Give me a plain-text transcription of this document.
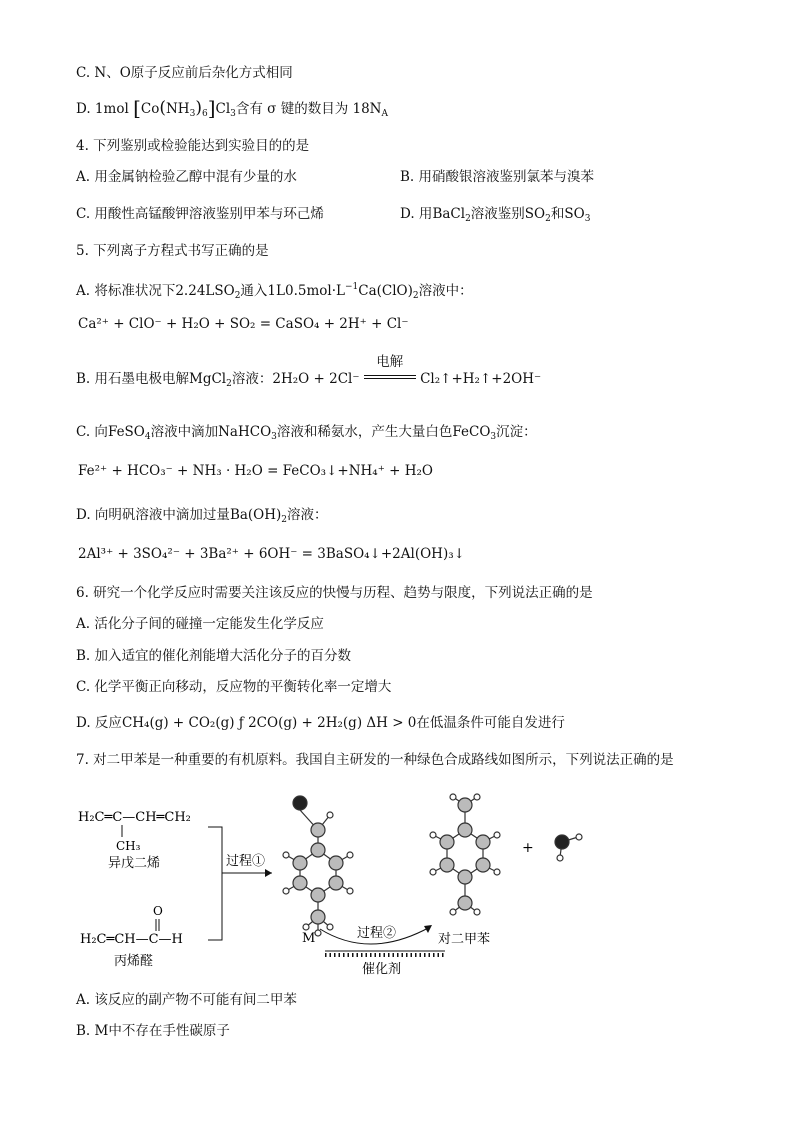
C. N、O原子反应前后杂化方式相同
D. 1mol $[Co(NH_3)_6]Cl_3$含有 σ 键的数目为 $18N_A$
4. 下列鉴别或检验能达到实验目的的是
A. 用金属钠检验乙醇中混有少量的水	B. 用硝酸银溶液鉴别氯苯与溴苯
C. 用酸性高锰酸钾溶液鉴别甲苯与环己烯	D. 用BaCl$_2$溶液鉴别$SO_2$和$SO_3$
5. 下列离子方程式书写正确的是
A. 将标准状况下$2.24LSO_2$通入$1L0.5mol\cdot L^{-1}Ca(ClO)_2$溶液中：
Ca²⁺ + ClO⁻ + H₂O + SO₂ = CaSO₄ + 2H⁺ + Cl⁻
B. 用石墨电极电解MgCl$_2$溶液：2H₂O + 2Cl⁻
电解
Cl₂↑+H₂↑+2OH⁻
C. 向FeSO$_4$溶液中滴加NaHCO$_3$溶液和稀氨水，产生大量白色FeCO$_3$沉淀：
Fe²⁺ + HCO₃⁻ + NH₃ · H₂O = FeCO₃↓+NH₄⁺ + H₂O
D. 向明矾溶液中滴加过量$Ba(OH)_2$溶液：
2Al³⁺ + 3SO₄²⁻ + 3Ba²⁺ + 6OH⁻ = 3BaSO₄↓+2Al(OH)₃↓
6. 研究一个化学反应时需要关注该反应的快慢与历程、趋势与限度，下列说法正确的是
A. 活化分子间的碰撞一定能发生化学反应
B. 加入适宜的催化剂能增大活化分子的百分数
C. 化学平衡正向移动，反应物的平衡转化率一定增大
D. 反应CH₄(g) + CO₂(g) ƒ 2CO(g) + 2H₂(g) ΔH > 0在低温条件可能自发进行
7. 对二甲苯是一种重要的有机原料。我国自主研发的一种绿色合成路线如图所示，下列说法正确的是
H₂C═C—CH═CH₂
CH₃
异戊二烯
O
H₂C═CH—C—H
丙烯醛
过程①
+
M	过程②	对二甲苯
催化剂
A. 该反应的副产物不可能有间二甲苯
B. M中不存在手性碳原子
